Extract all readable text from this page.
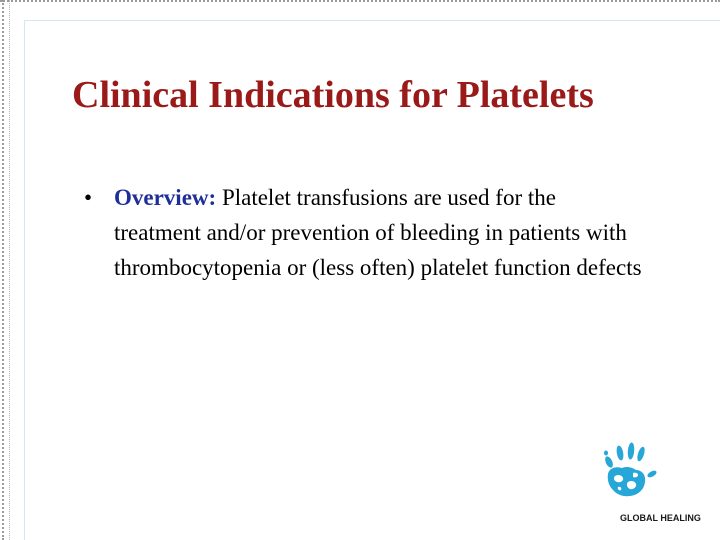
Clinical Indications for Platelets
• Overview: Platelet transfusions are used for the treatment and/or prevention of bleeding in patients with thrombocytopenia or (less often) platelet function defects
GLOBAL HEALING
